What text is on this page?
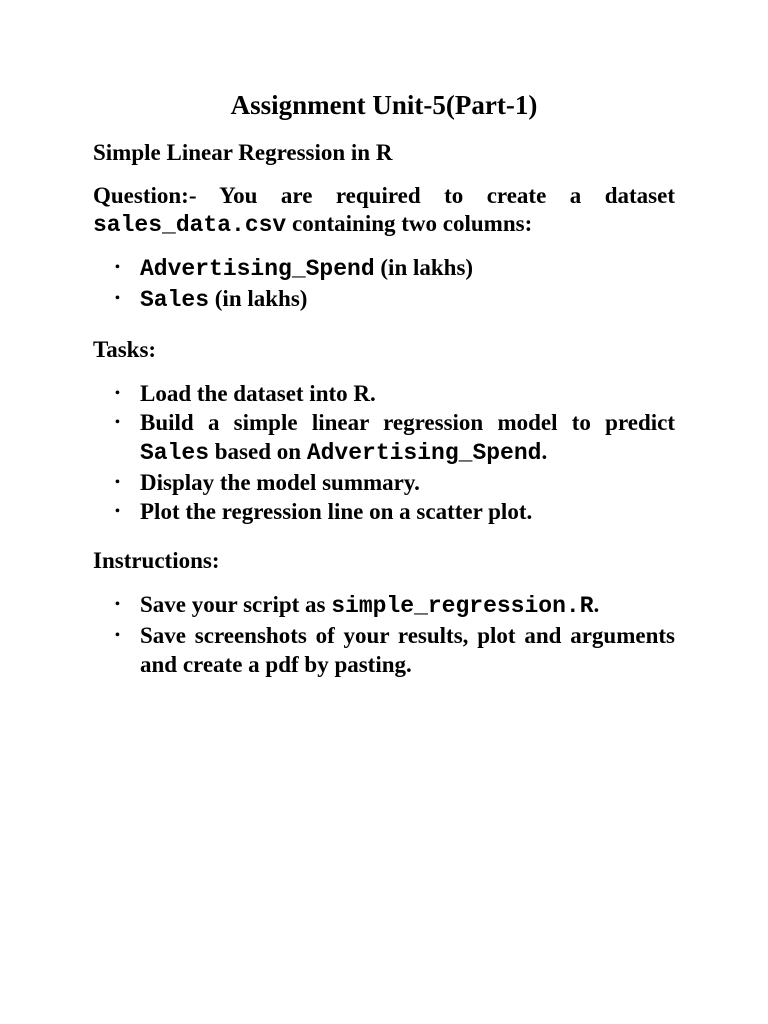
Assignment Unit-5(Part-1)
Simple Linear Regression in R

Question:- You are required to create a dataset sales_data.csv containing two columns:

• Advertising_Spend (in lakhs)
• Sales (in lakhs)
Tasks:
• Load the dataset into R.
• Build a simple linear regression model to predict Sales based on Advertising_Spend.
• Display the model summary.
• Plot the regression line on a scatter plot.
Instructions:
• Save your script as simple_regression.R.
• Save screenshots of your results, plot and arguments and create a pdf by pasting.
